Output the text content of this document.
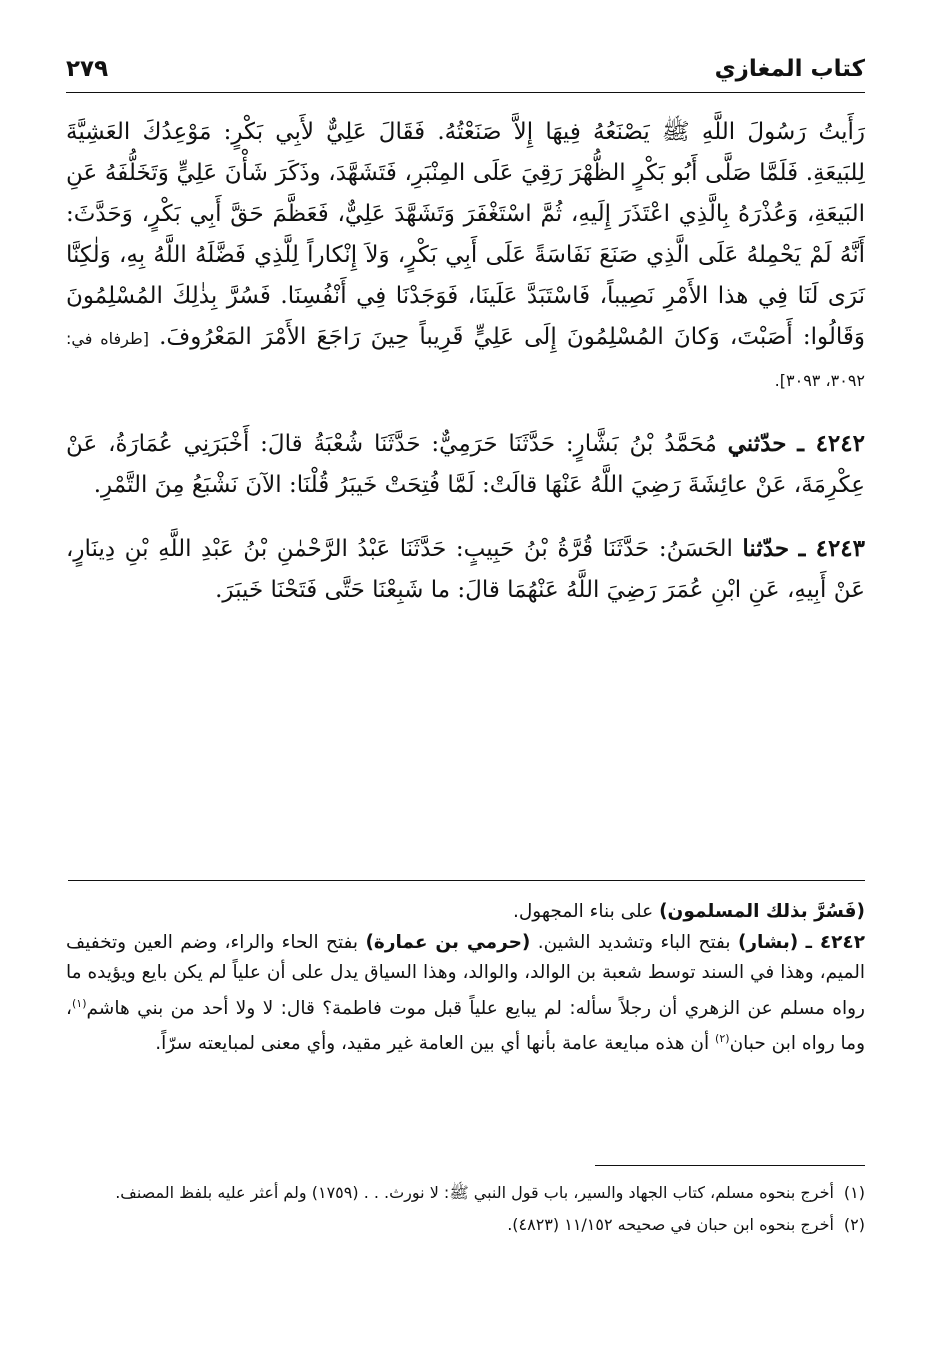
كتاب المغازي
٢٧٩

رَأَيتُ رَسُولَ اللَّهِ ﷺ يَصْنَعُهُ فِيهَا إِلاَّ صَنَعْتُهُ. فَقَالَ عَلِيٌّ لأَبِي بَكْرٍ: مَوْعِدُكَ العَشِيَّةَ لِلبَيعَةِ. فَلَمَّا صَلَّى أَبُو بَكْرٍ الظُّهْرَ رَقِيَ عَلَى المِنْبَرِ، فَتَشَهَّدَ، وذَكَرَ شَأْنَ عَلِيٍّ وَتَخَلُّفَهُ عَنِ البَيعَةِ، وَعُذْرَهُ بِالَّذِي اعْتَذَرَ إِلَيهِ، ثُمَّ اسْتَغْفَرَ وَتَشَهَّدَ عَلِيٌّ، فَعَظَّمَ حَقَّ أَبِي بَكْرٍ، وَحَدَّثَ: أَنَّهُ لَمْ يَحْمِلهُ عَلَى الَّذِي صَنَعَ نَفَاسَةً عَلَى أَبِي بَكْرٍ، وَلاَ إِنْكاراً لِلَّذِي فَضَّلَهُ اللَّهُ بِهِ، وَلٰكِنَّا نَرَى لَنَا فِي هذا الأَمْرِ نَصِيباً، فَاسْتَبَدَّ عَلَينَا، فَوَجَدْنَا فِي أَنْفُسِنَا. فَسُرَّ بِذٰلِكَ المُسْلِمُونَ وَقَالُوا: أَصَبْتَ، وَكانَ المُسْلِمُونَ إِلَى عَلِيٍّ قَرِيباً حِينَ رَاجَعَ الأَمْرَ المَعْرُوفَ. [طرفاه في: ٣٠٩٢، ٣٠٩٣].

٤٢٤٢ ـ حدّثني مُحَمَّدُ بْنُ بَشَّارٍ: حَدَّثَنَا حَرَمِيٌّ: حَدَّثَنَا شُعْبَةُ قالَ: أَخْبَرَنِي عُمَارَةُ، عَنْ عِكْرِمَةَ، عَنْ عائِشَةَ رَضِيَ اللَّهُ عَنْهَا قالَتْ: لَمَّا فُتِحَتْ خَيبَرُ قُلْنَا: الآنَ نَشْبَعُ مِنَ التَّمْرِ.

٤٢٤٣ ـ حدّثنا الحَسَنُ: حَدَّثَنَا قُرَّةُ بْنُ حَبِيبٍ: حَدَّثَنَا عَبْدُ الرَّحْمٰنِ بْنُ عَبْدِ اللَّهِ بْنِ دِينَارٍ، عَنْ أَبِيهِ، عَنِ ابْنِ عُمَرَ رَضِيَ اللَّهُ عَنْهُمَا قالَ: ما شَبِعْنَا حَتَّى فَتَحْنَا خَيبَرَ.

(فَسُرَّ بذلك المسلمون) على بناء المجهول.

٤٢٤٢ ـ (بشار) بفتح الباء وتشديد الشين. (حرمي بن عمارة) بفتح الحاء والراء، وضم العين وتخفيف الميم، وهذا في السند توسط شعبة بن الوالد، والوالد، وهذا السياق يدل على أن علياً لم يكن بايع ويؤيده ما رواه مسلم عن الزهري أن رجلاً سأله: لم يبايع علياً قبل موت فاطمة؟ قال: لا ولا أحد من بني هاشم$^{(١)}$، وما رواه ابن حبان$^{(٢)}$ أن هذه مبايعة عامة بأنها أي بين العامة غير مقيد، وأي معنى لمبايعته سرّاً.

(١)أخرج بنحوه مسلم، كتاب الجهاد والسير، باب قول النبي ﷺ: لا نورث. . . (١٧٥٩) ولم أعثر عليه بلفظ المصنف.

(٢)أخرج بنحوه ابن حبان في صحيحه ١١/١٥٢ (٤٨٢٣).
